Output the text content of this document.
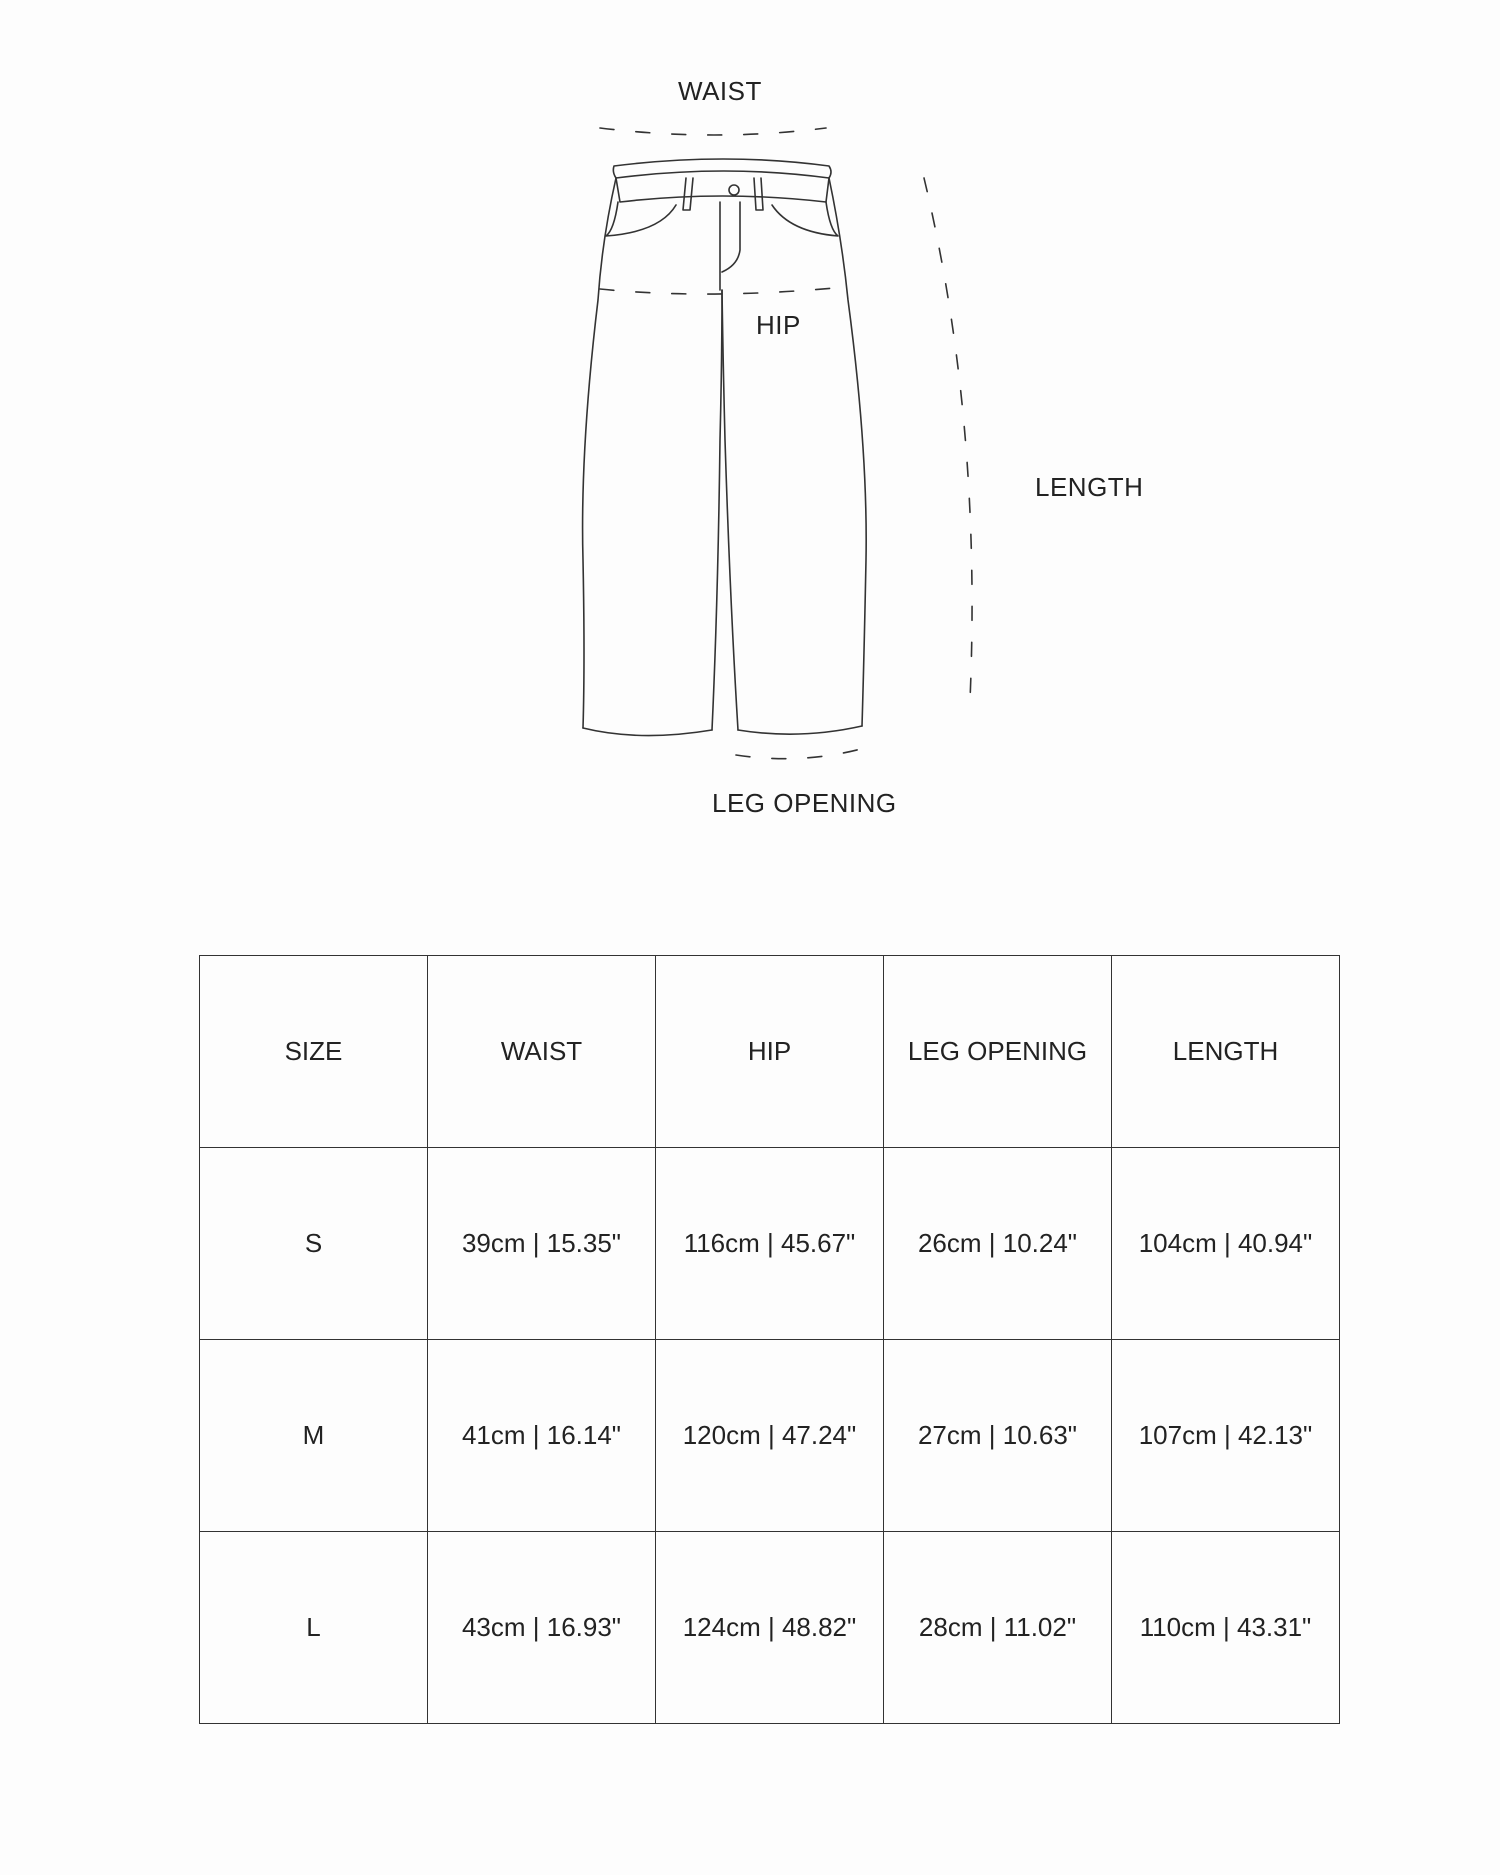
WAIST
HIP
LENGTH
LEG OPENING
SIZE	WAIST	HIP	LEG OPENING	LENGTH
S	39cm | 15.35"	116cm | 45.67"	26cm | 10.24"	104cm | 40.94"
M	41cm | 16.14"	120cm | 47.24"	27cm | 10.63"	107cm | 42.13"
L	43cm | 16.93"	124cm | 48.82"	28cm | 11.02"	110cm | 43.31"
